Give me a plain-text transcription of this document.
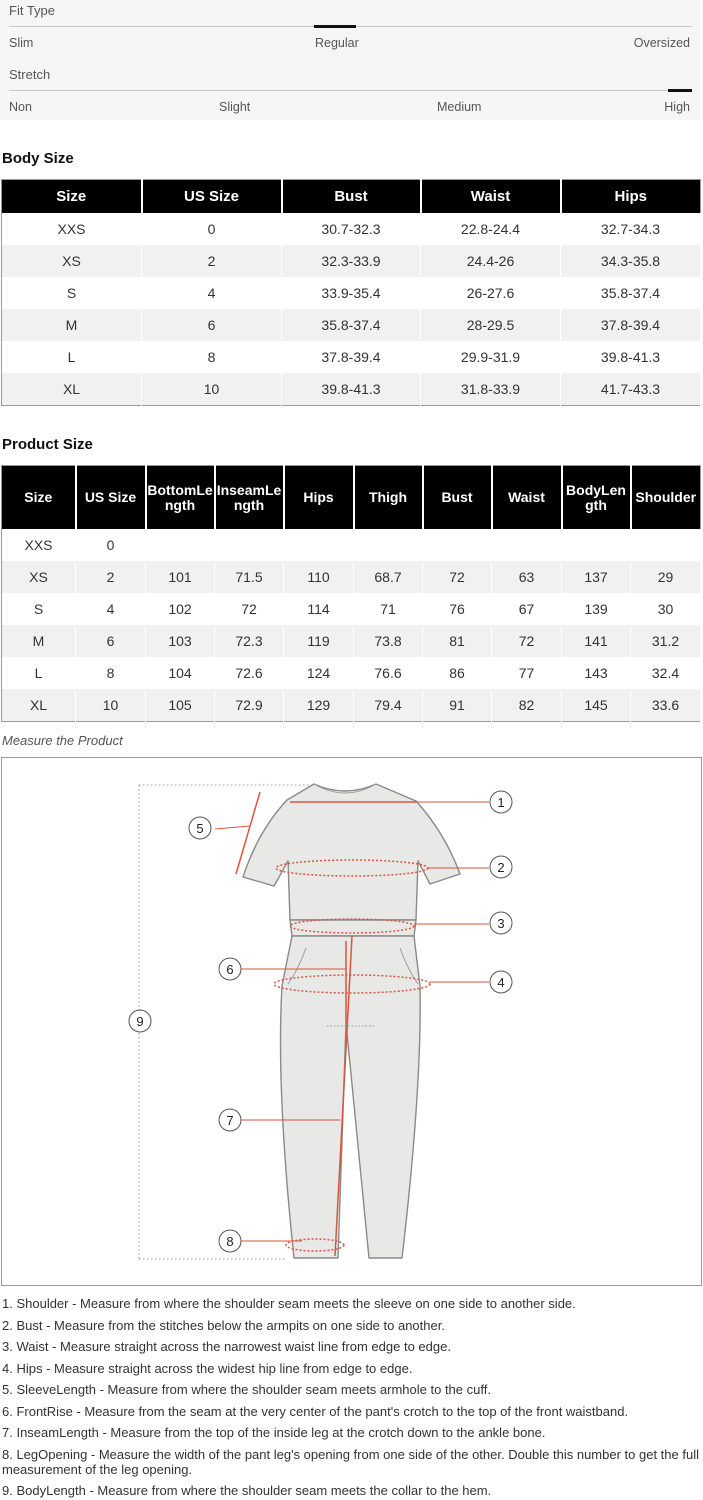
Fit Type
Slim	Regular	Oversized
Stretch
Non	Slight	Medium	High
Body Size
Size	US Size	Bust	Waist	Hips
XXS	0	30.7-32.3	22.8-24.4	32.7-34.3
XS	2	32.3-33.9	24.4-26	34.3-35.8
S	4	33.9-35.4	26-27.6	35.8-37.4
M	6	35.8-37.4	28-29.5	37.8-39.4
L	8	37.8-39.4	29.9-31.9	39.8-41.3
XL	10	39.8-41.3	31.8-33.9	41.7-43.3
Product Size
Size	US Size	BottomLength	InseamLength	Hips	Thigh	Bust	Waist	BodyLength	Shoulder
XXS	0								
XS	2	101	71.5	110	68.7	72	63	137	29
S	4	102	72	114	71	76	67	139	30
M	6	103	72.3	119	73.8	81	72	141	31.2
L	8	104	72.6	124	76.6	86	77	143	32.4
XL	10	105	72.9	129	79.4	91	82	145	33.6
Measure the Product
1
2
3
4
5
6
7
8
9

1. Shoulder - Measure from where the shoulder seam meets the sleeve on one side to another side.

2. Bust - Measure from the stitches below the armpits on one side to another.

3. Waist - Measure straight across the narrowest waist line from edge to edge.

4. Hips - Measure straight across the widest hip line from edge to edge.

5. SleeveLength - Measure from where the shoulder seam meets armhole to the cuff.

6. FrontRise - Measure from the seam at the very center of the pant's crotch to the top of the front waistband.

7. InseamLength - Measure from the top of the inside leg at the crotch down to the ankle bone.

8. LegOpening - Measure the width of the pant leg's opening from one side of the other. Double this number to get the full measurement of the leg opening.

9. BodyLength - Measure from where the shoulder seam meets the collar to the hem.
